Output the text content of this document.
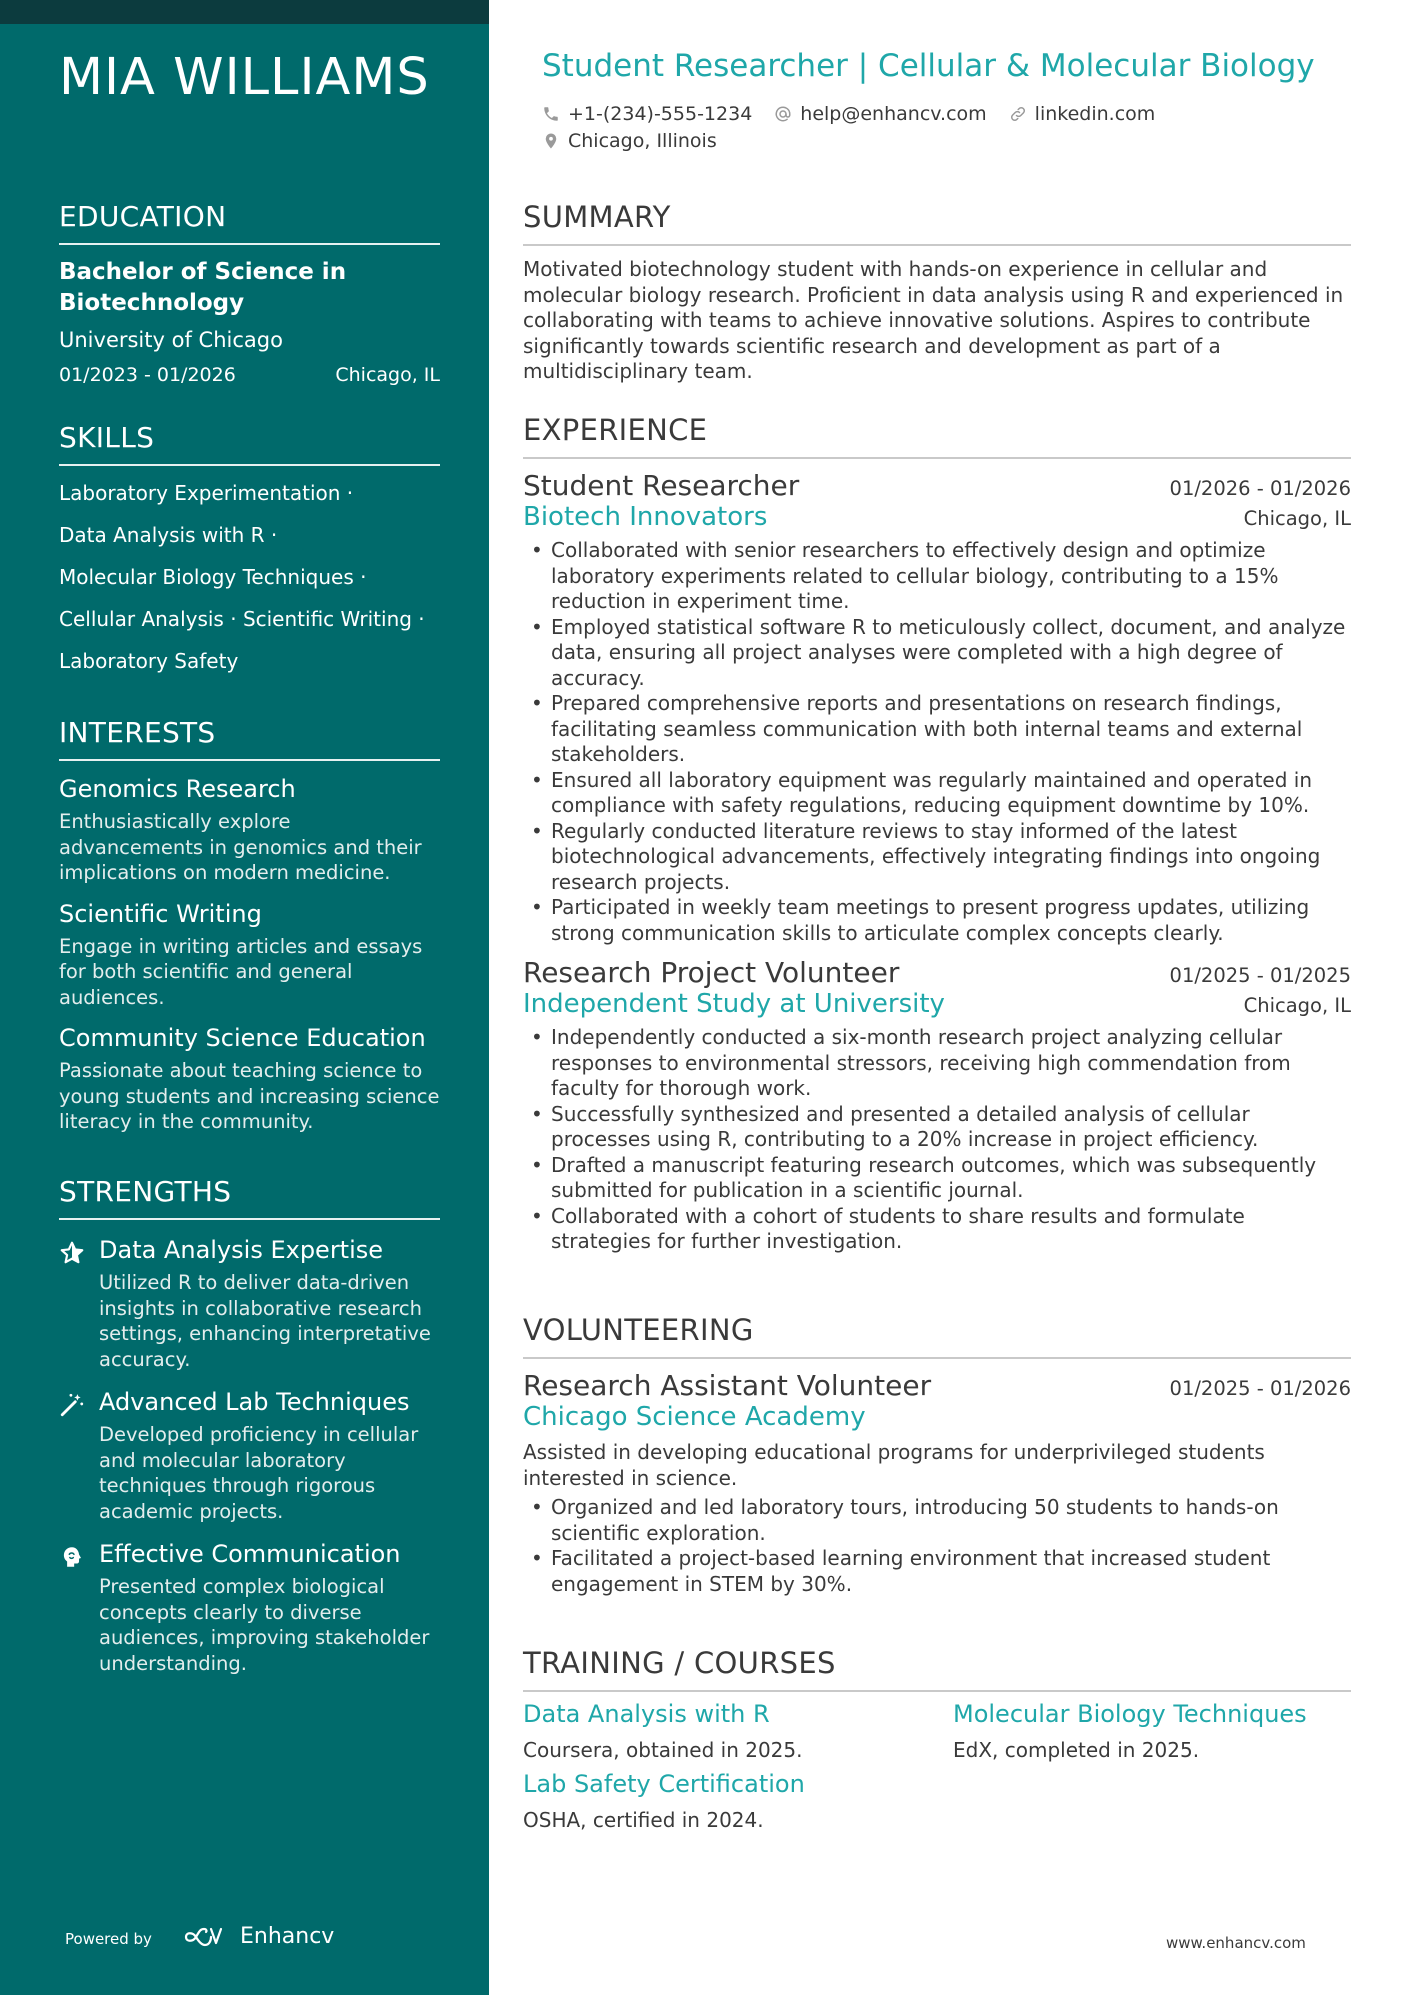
MIA WILLIAMS
EDUCATION
Bachelor of Science in Biotechnology
University of Chicago
01/2023 - 01/2026	Chicago, IL
SKILLS
Laboratory Experimentation ·
Data Analysis with R ·
Molecular Biology Techniques ·
Cellular Analysis · Scientific Writing ·
Laboratory Safety
INTERESTS
Genomics Research
Enthusiastically explore advancements in genomics and their implications on modern medicine.
Scientific Writing
Engage in writing articles and essays for both scientific and general audiences.
Community Science Education
Passionate about teaching science to young students and increasing science literacy in the community.
STRENGTHS
Data Analysis Expertise
Utilized R to deliver data-driven insights in collaborative research settings, enhancing interpretative accuracy.
Advanced Lab Techniques
Developed proficiency in cellular and molecular laboratory techniques through rigorous academic projects.
Effective Communication
Presented complex biological concepts clearly to diverse audiences, improving stakeholder understanding.
Powered by	Enhancv
Student Researcher | Cellular & Molecular Biology
+1-(234)-555-1234	help@enhancv.com	linkedin.com
Chicago, Illinois
SUMMARY
Motivated biotechnology student with hands-on experience in cellular and molecular biology research. Proficient in data analysis using R and experienced in collaborating with teams to achieve innovative solutions. Aspires to contribute significantly towards scientific research and development as part of a multidisciplinary team.
EXPERIENCE
Student Researcher	01/2026 - 01/2026
Biotech Innovators	Chicago, IL
• Collaborated with senior researchers to effectively design and optimize laboratory experiments related to cellular biology, contributing to a 15% reduction in experiment time.
• Employed statistical software R to meticulously collect, document, and analyze data, ensuring all project analyses were completed with a high degree of accuracy.
• Prepared comprehensive reports and presentations on research findings, facilitating seamless communication with both internal teams and external stakeholders.
• Ensured all laboratory equipment was regularly maintained and operated in compliance with safety regulations, reducing equipment downtime by 10%.
• Regularly conducted literature reviews to stay informed of the latest biotechnological advancements, effectively integrating findings into ongoing research projects.
• Participated in weekly team meetings to present progress updates, utilizing strong communication skills to articulate complex concepts clearly.
Research Project Volunteer	01/2025 - 01/2025
Independent Study at University	Chicago, IL
• Independently conducted a six-month research project analyzing cellular responses to environmental stressors, receiving high commendation from faculty for thorough work.
• Successfully synthesized and presented a detailed analysis of cellular processes using R, contributing to a 20% increase in project efficiency.
• Drafted a manuscript featuring research outcomes, which was subsequently submitted for publication in a scientific journal.
• Collaborated with a cohort of students to share results and formulate strategies for further investigation.
VOLUNTEERING
Research Assistant Volunteer	01/2025 - 01/2026
Chicago Science Academy
Assisted in developing educational programs for underprivileged students interested in science.
• Organized and led laboratory tours, introducing 50 students to hands-on scientific exploration.
• Facilitated a project-based learning environment that increased student engagement in STEM by 30%.
TRAINING / COURSES
Data Analysis with R
Coursera, obtained in 2025.
Molecular Biology Techniques
EdX, completed in 2025.
Lab Safety Certification
OSHA, certified in 2024.
www.enhancv.com
